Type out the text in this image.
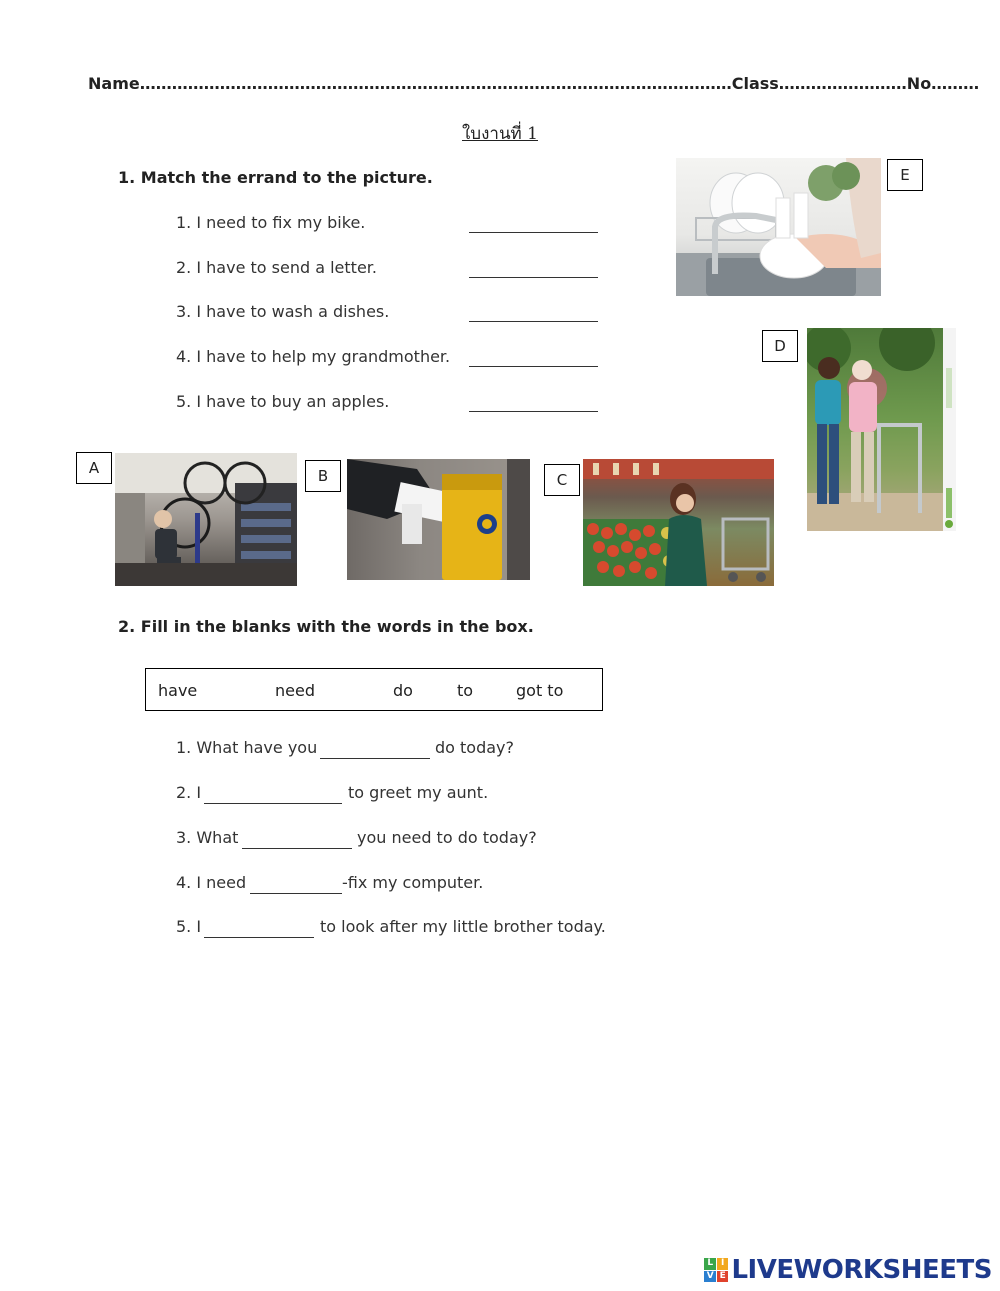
Name…………………………………………………………………………………………………Class……………………No………
ใบงานที่ 1
1. Match the errand to the picture.
1. I need to fix my bike.
2. I have to send a letter.
3. I have to wash a dishes.
4. I have to help my grandmother.
5. I have to buy an apples.
E
D
A	B	C
2. Fill in the blanks with the words in the box.
have	need	do	to	got to
1. What have you	do today?
2. I	to greet my aunt.
3. What	you need to do today?
4. I need	-fix my computer.
5. I	to look after my little brother today.
L I
V E LIVEWORKSHEETS
